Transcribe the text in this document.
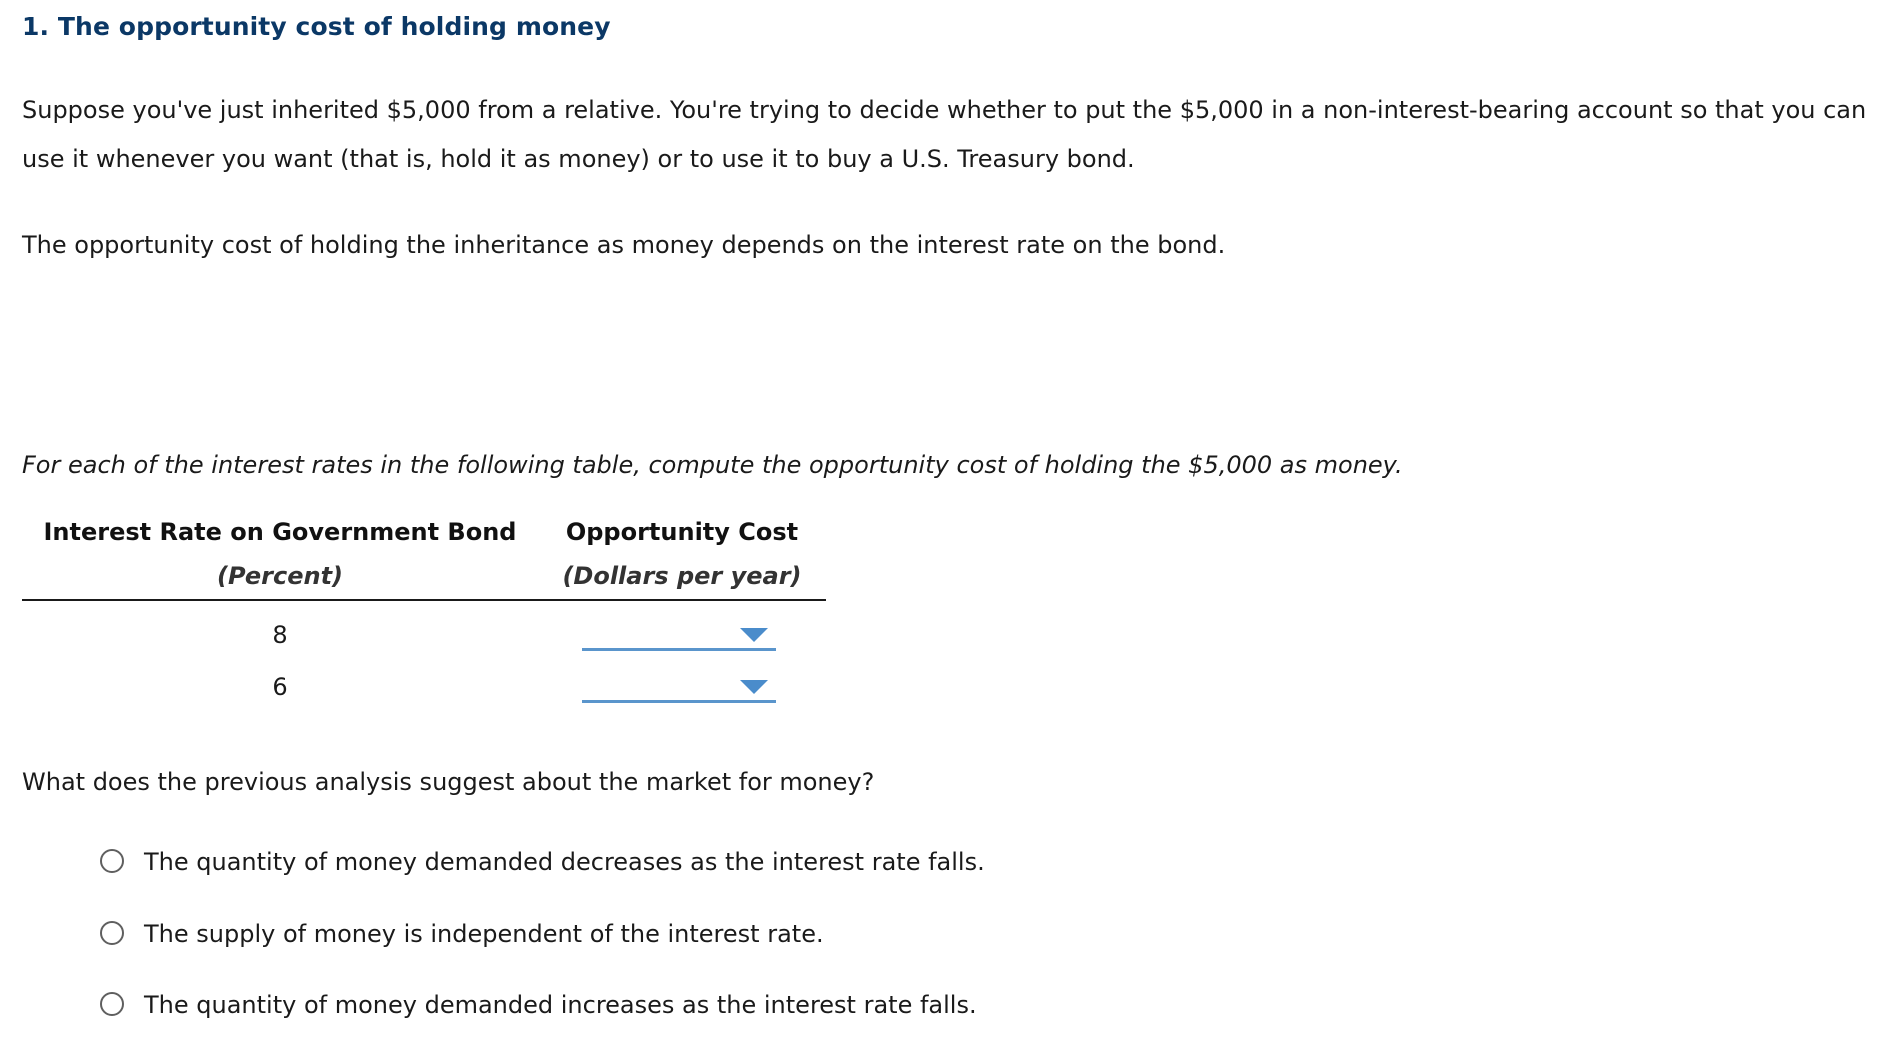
1. The opportunity cost of holding money

Suppose you've just inherited $5,000 from a relative. You're trying to decide whether to put the $5,000 in a non-interest-bearing account so that you can use it whenever you want (that is, hold it as money) or to use it to buy a U.S. Treasury bond.

The opportunity cost of holding the inheritance as money depends on the interest rate on the bond.

For each of the interest rates in the following table, compute the opportunity cost of holding the $5,000 as money.

Interest Rate on Government Bond	Opportunity Cost
(Percent)	(Dollars per year)
8
6

What does the previous analysis suggest about the market for money?

The quantity of money demanded decreases as the interest rate falls.
The supply of money is independent of the interest rate.
The quantity of money demanded increases as the interest rate falls.
